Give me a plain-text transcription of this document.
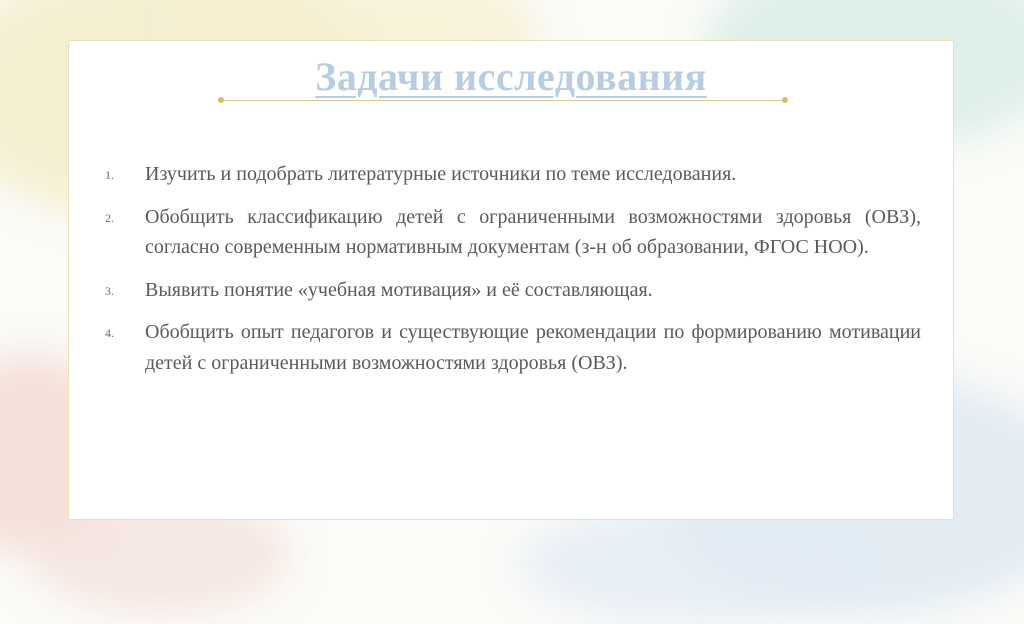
Задачи исследования
1. Изучить и подобрать литературные источники по теме исследования.
2. Обобщить классификацию детей с ограниченными возможностями здоровья (ОВЗ), согласно современным нормативным документам (з-н об образовании, ФГОС НОО).
3. Выявить понятие «учебная мотивация» и её составляющая.
4. Обобщить опыт педагогов и существующие рекомендации по формированию мотивации детей с ограниченными возможностями здоровья (ОВЗ).
